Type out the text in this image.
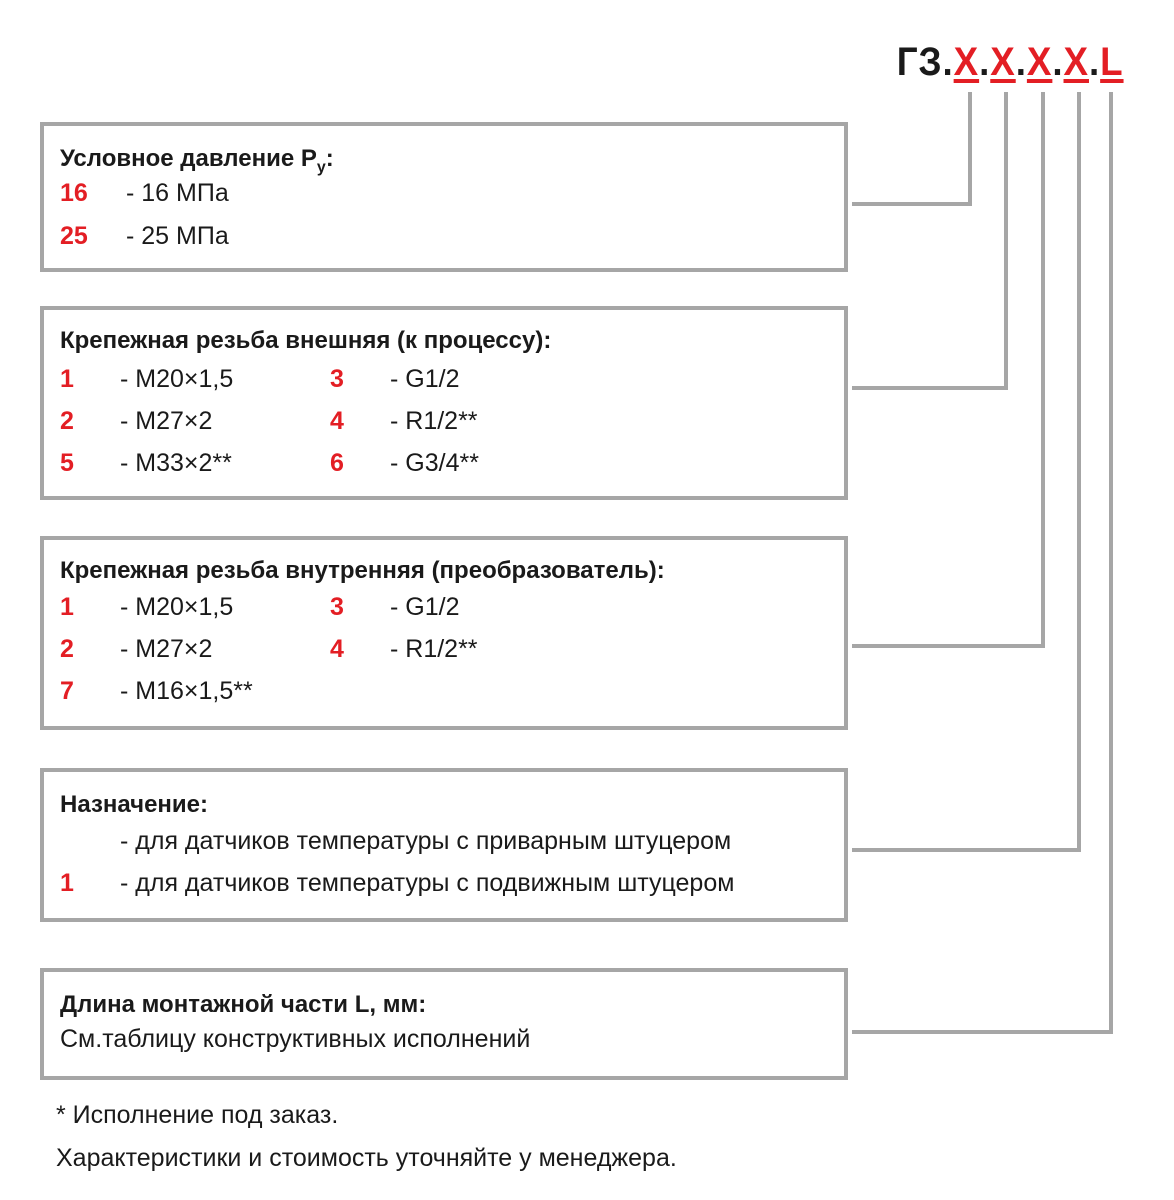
ГЗ.X.X.X.X.L
Условное давление $P_у$:
16 - 16 МПа
25 - 25 МПа
Крепежная резьба внешняя (к процессу):
1 - М20×1,5	3 - G1/2
2 - М27×2	4 - R1/2**
5 - М33×2**	6 - G3/4**
Крепежная резьба внутренняя (преобразователь):
1 - М20×1,5	3 - G1/2
2 - М27×2	4 - R1/2**
7 - М16×1,5**
Назначение:
- для датчиков температуры с приварным штуцером
1 - для датчиков температуры с подвижным штуцером
Длина монтажной части L, мм:
См.таблицу конструктивных исполнений
* Исполнение под заказ.
Характеристики и стоимость уточняйте у менеджера.
